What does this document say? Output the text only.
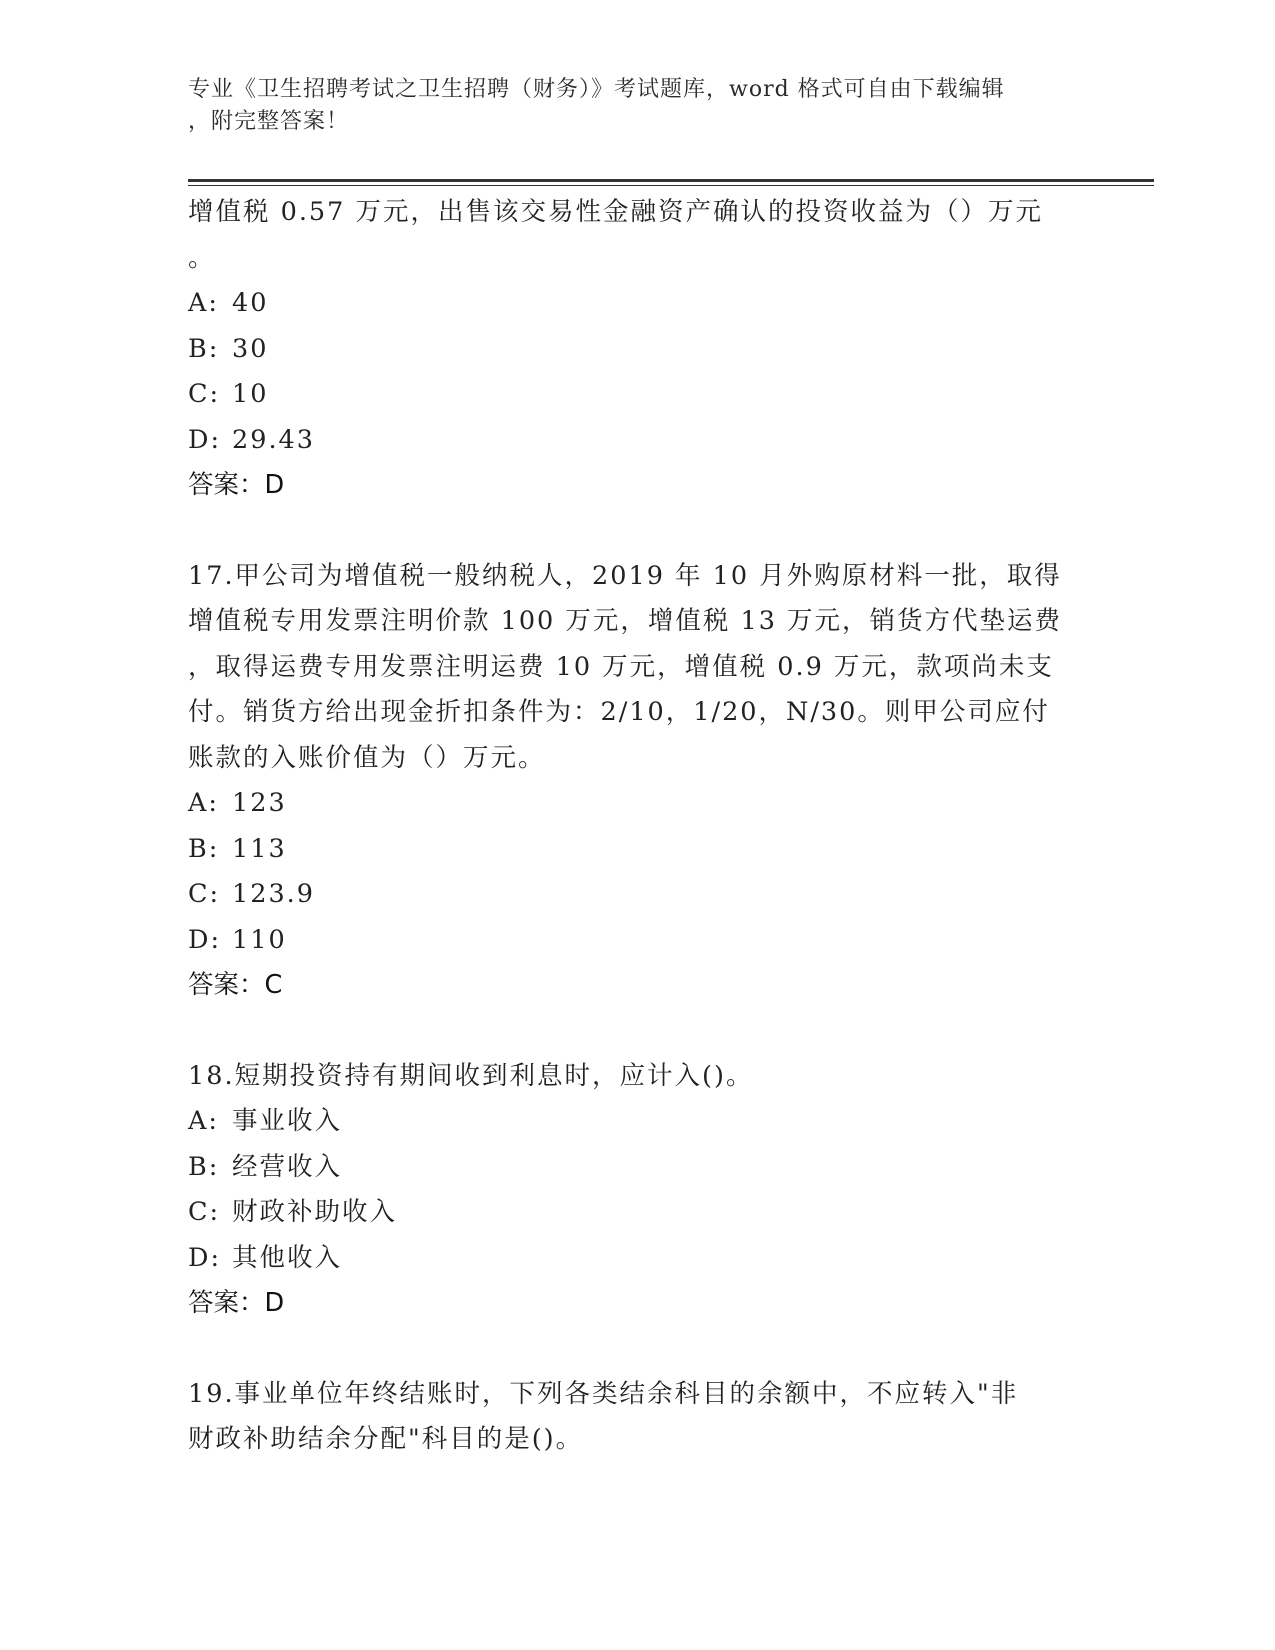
专业《卫生招聘考试之卫生招聘（财务）》考试题库，word 格式可自由下载编辑
，附完整答案！
增值税 0.57 万元，出售该交易性金融资产确认的投资收益为（）万元
。
A: 40
B: 30
C: 10
D: 29.43
答案：D
17.甲公司为增值税一般纳税人，2019 年 10 月外购原材料一批，取得
增值税专用发票注明价款 100 万元，增值税 13 万元，销货方代垫运费
，取得运费专用发票注明运费 10 万元，增值税 0.9 万元，款项尚未支
付。销货方给出现金折扣条件为：2/10，1/20，N/30。则甲公司应付
账款的入账价值为（）万元。
A: 123
B: 113
C: 123.9
D: 110
答案：C
18.短期投资持有期间收到利息时，应计入()。
A: 事业收入
B: 经营收入
C: 财政补助收入
D: 其他收入
答案：D
19.事业单位年终结账时，下列各类结余科目的余额中，不应转入"非
财政补助结余分配"科目的是()。
